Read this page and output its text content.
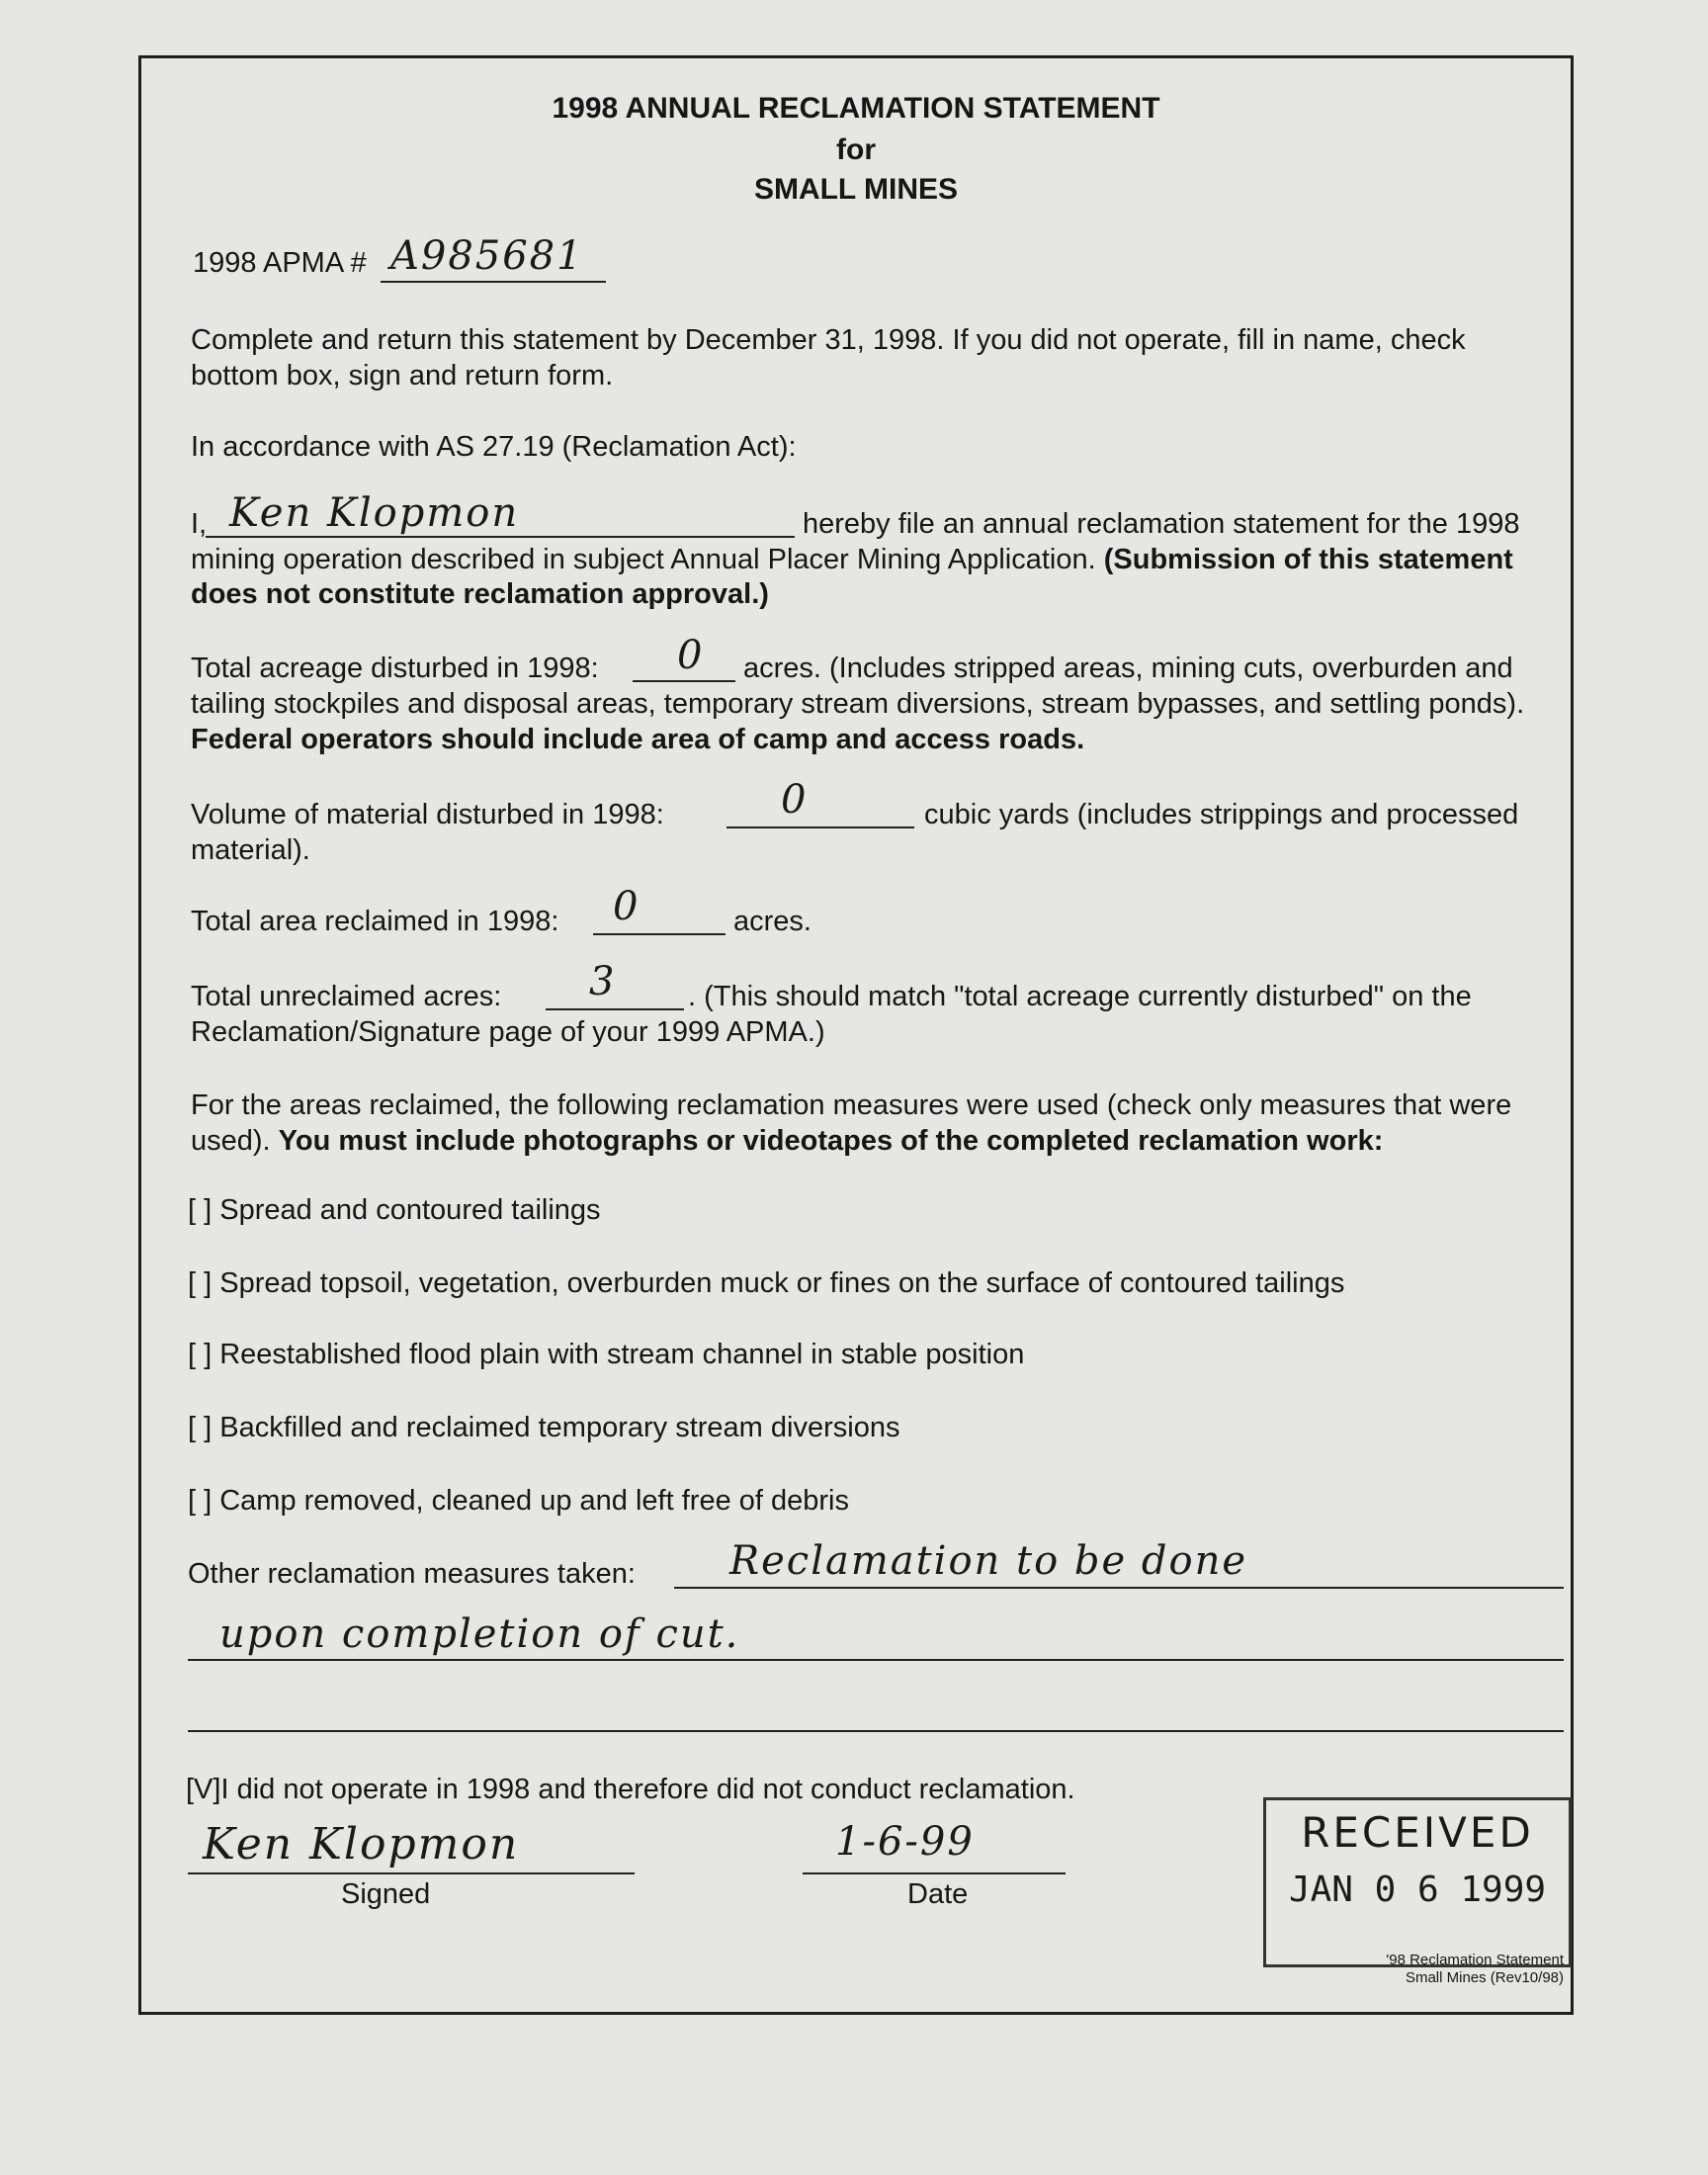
1998 ANNUAL RECLAMATION STATEMENT
for
SMALL MINES
1998 APMA # A985681
Complete and return this statement by December 31, 1998. If you did not operate, fill in name, check
bottom box, sign and return form.
In accordance with AS 27.19 (Reclamation Act):
I, Ken Klopmon	hereby file an annual reclamation statement for the 1998
mining operation described in subject Annual Placer Mining Application. (Submission of this statement
does not constitute reclamation approval.)
Total acreage disturbed in 1998: 0 acres. (Includes stripped areas, mining cuts, overburden and
tailing stockpiles and disposal areas, temporary stream diversions, stream bypasses, and settling ponds).
Federal operators should include area of camp and access roads.
Volume of material disturbed in 1998:	0	cubic yards (includes strippings and processed
material).
Total area reclaimed in 1998: 0	acres.
Total unreclaimed acres: 3	. (This should match "total acreage currently disturbed" on the
Reclamation/Signature page of your 1999 APMA.)
For the areas reclaimed, the following reclamation measures were used (check only measures that were
used). You must include photographs or videotapes of the completed reclamation work:
[ ] Spread and contoured tailings
[ ] Spread topsoil, vegetation, overburden muck or fines on the surface of contoured tailings
[ ] Reestablished flood plain with stream channel in stable position
[ ] Backfilled and reclaimed temporary stream diversions
[ ] Camp removed, cleaned up and left free of debris
Other reclamation measures taken: Reclamation to be done
upon completion of cut.
[V]I did not operate in 1998 and therefore did not conduct reclamation.
Ken Klopmon
Signed
1-6-99
Date
RECEIVED
JAN 0 6 1999
'98 Reclamation Statement
Small Mines (Rev10/98)
